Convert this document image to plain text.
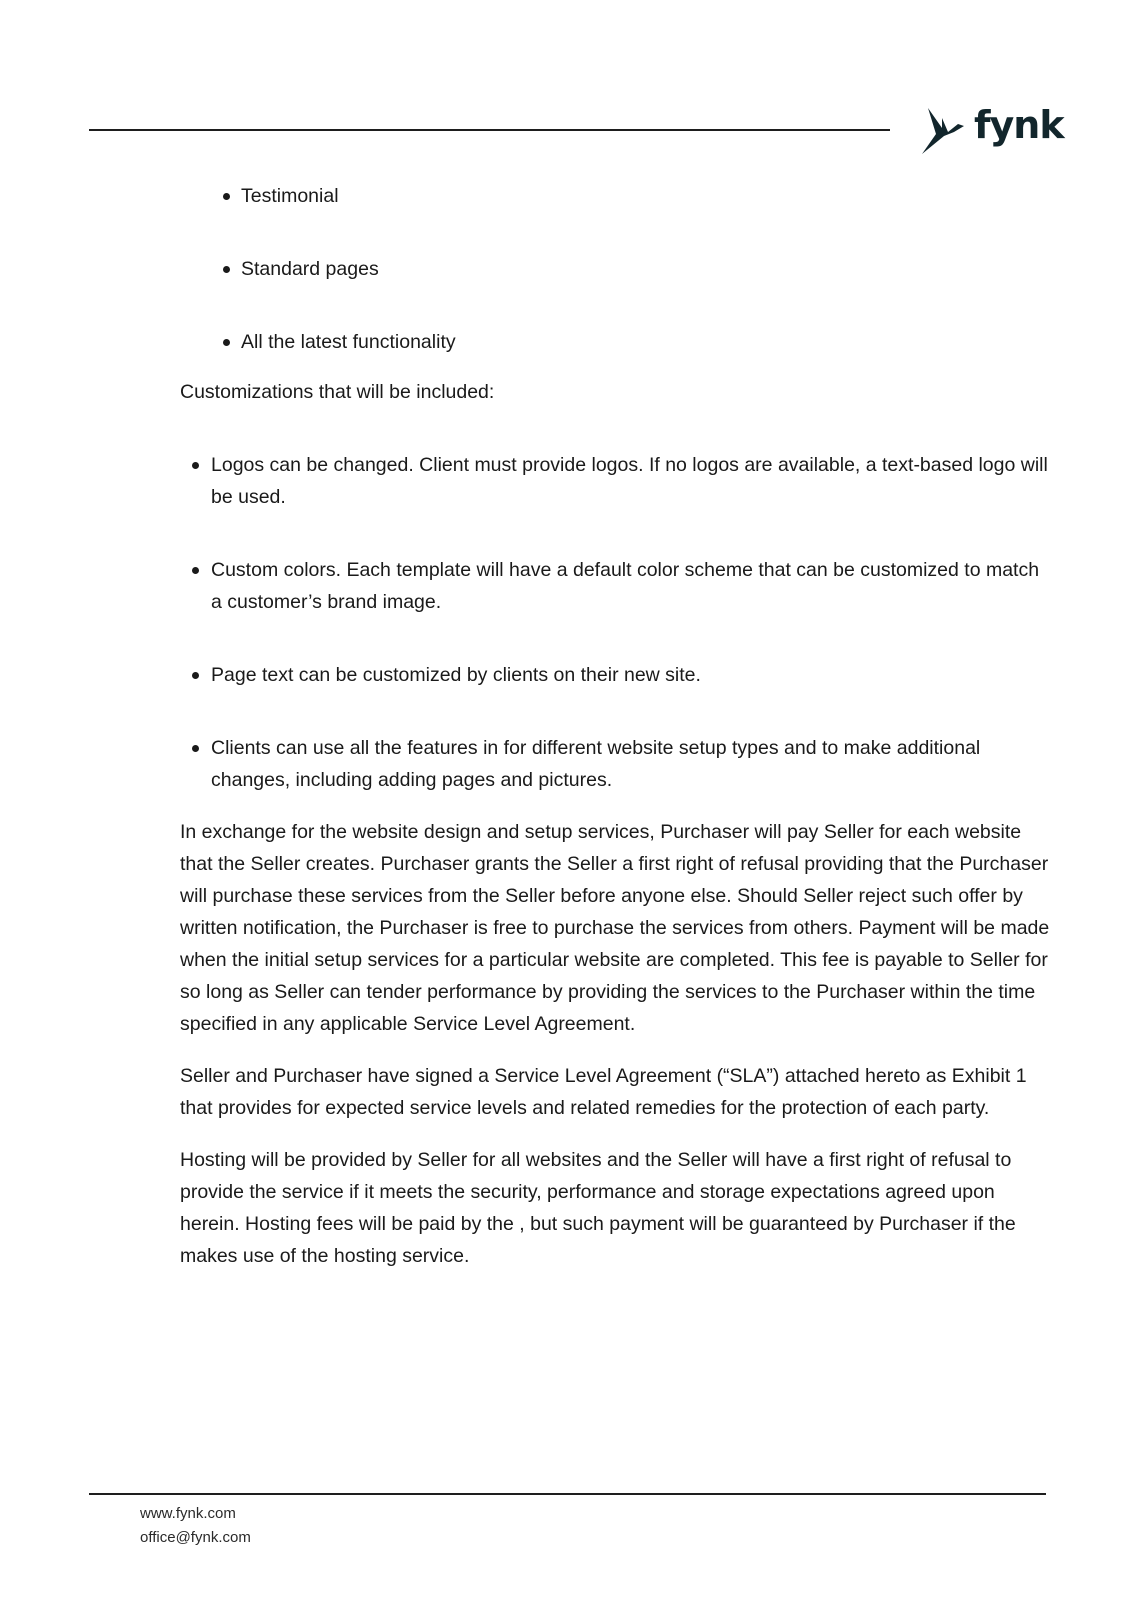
fynk
Testimonial
Standard pages
All the latest functionality

Customizations that will be included:

Logos can be changed. Client must provide logos. If no logos are available, a text-based logo will be used.
Custom colors. Each template will have a default color scheme that can be customized to match a customer’s brand image.
Page text can be customized by clients on their new site.
Clients can use all the features in for different website setup types and to make additional changes, including adding pages and pictures.

In exchange for the website design and setup services, Purchaser will pay Seller for each website that the Seller creates. Purchaser grants the Seller a first right of refusal providing that the Purchaser will purchase these services from the Seller before anyone else. Should Seller reject such offer by written notification, the Purchaser is free to purchase the services from others. Payment will be made when the initial setup services for a particular website are completed. This fee is payable to Seller for so long as Seller can tender performance by providing the services to the Purchaser within the time specified in any applicable Service Level Agreement.

Seller and Purchaser have signed a Service Level Agreement (“SLA”) attached hereto as Exhibit 1 that provides for expected service levels and related remedies for the protection of each party.

Hosting will be provided by Seller for all websites and the Seller will have a first right of refusal to provide the service if it meets the security, performance and storage expectations agreed upon herein. Hosting fees will be paid by the , but such payment will be guaranteed by Purchaser if the makes use of the hosting service.

www.fynk.com
office@fynk.com
